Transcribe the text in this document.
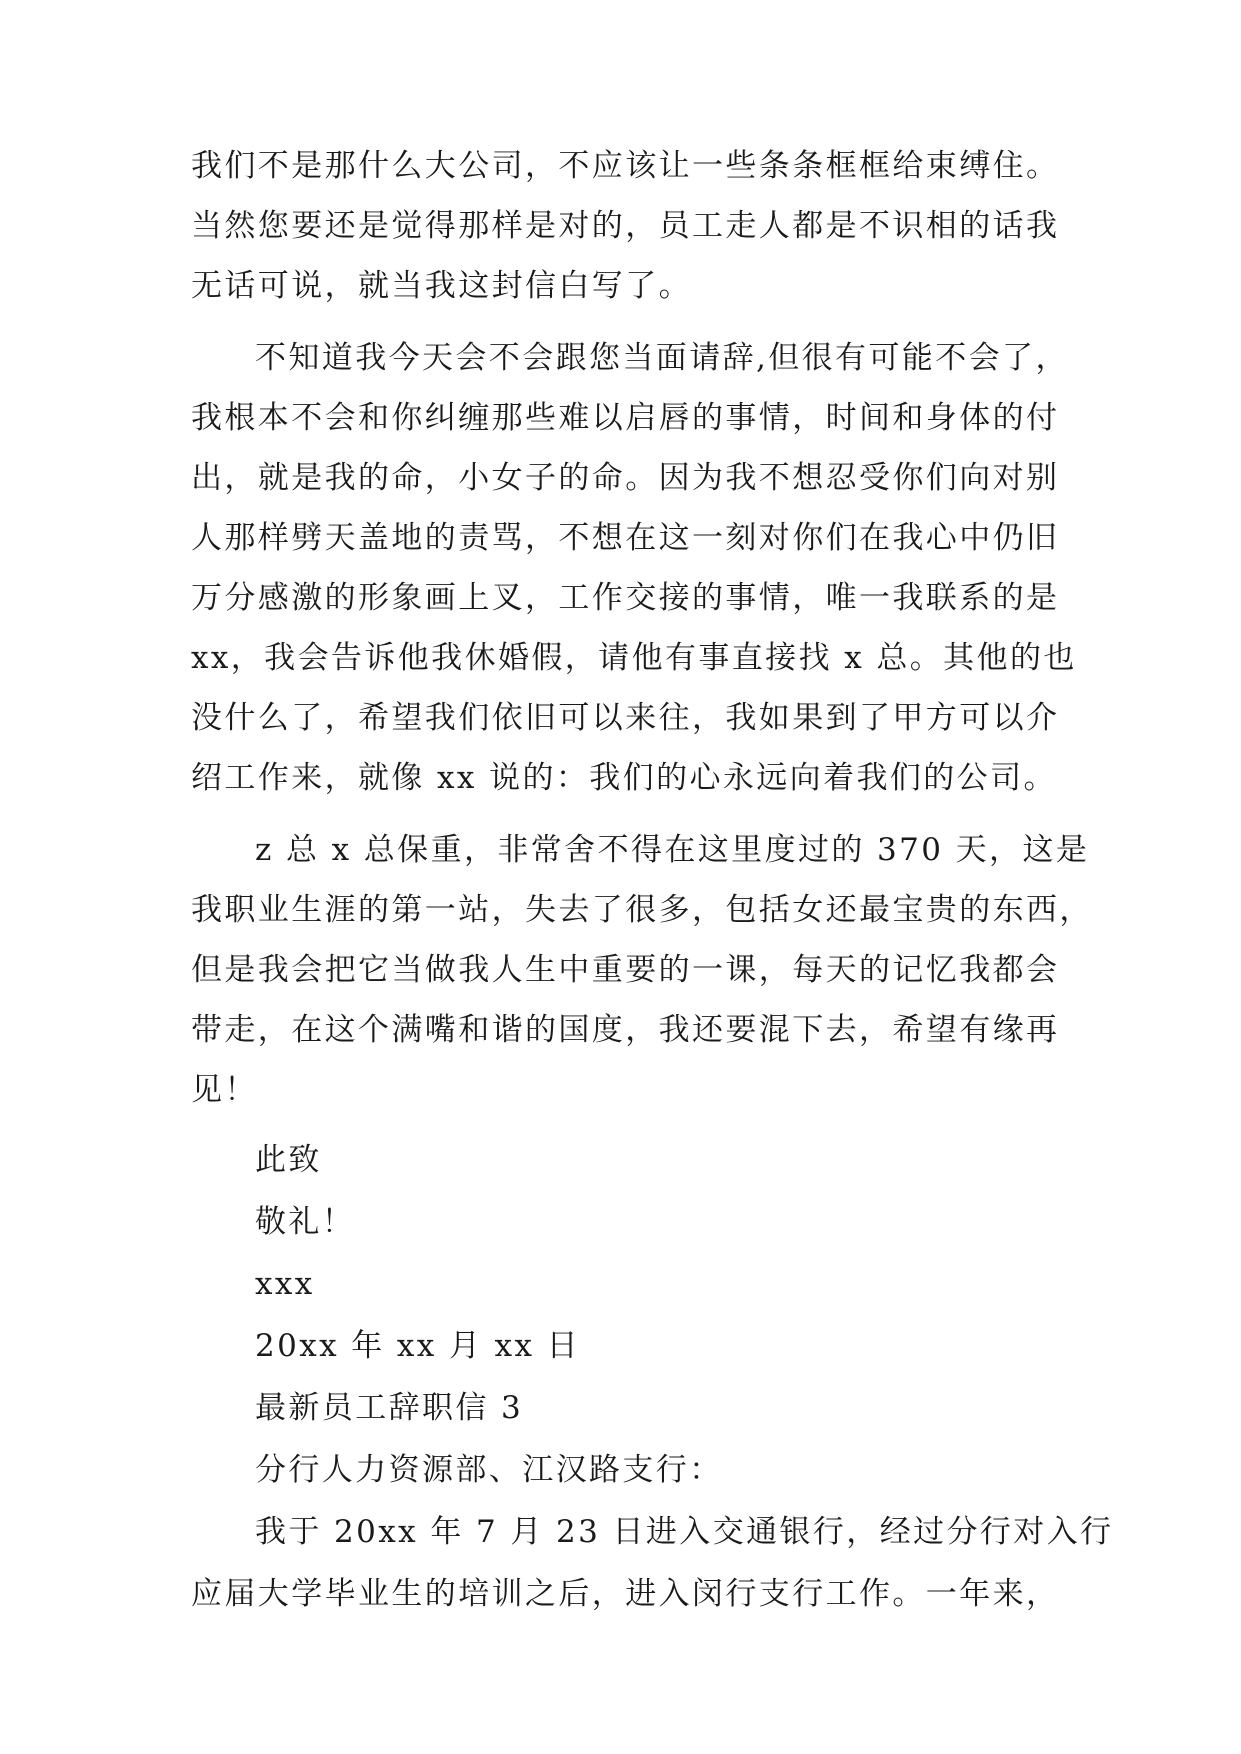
我们不是那什么大公司，不应该让一些条条框框给束缚住。
当然您要还是觉得那样是对的，员工走人都是不识相的话我
无话可说，就当我这封信白写了。
不知道我今天会不会跟您当面请辞,但很有可能不会了，
我根本不会和你纠缠那些难以启唇的事情，时间和身体的付
出，就是我的命，小女子的命。因为我不想忍受你们向对别
人那样劈天盖地的责骂，不想在这一刻对你们在我心中仍旧
万分感激的形象画上叉，工作交接的事情，唯一我联系的是
xx，我会告诉他我休婚假，请他有事直接找 x 总。其他的也
没什么了，希望我们依旧可以来往，我如果到了甲方可以介
绍工作来，就像 xx 说的：我们的心永远向着我们的公司。
z 总 x 总保重，非常舍不得在这里度过的 370 天，这是
我职业生涯的第一站，失去了很多，包括女还最宝贵的东西，
但是我会把它当做我人生中重要的一课，每天的记忆我都会
带走，在这个满嘴和谐的国度，我还要混下去，希望有缘再
见！
此致
敬礼！
xxx
20xx 年 xx 月 xx 日
最新员工辞职信 3
分行人力资源部、江汉路支行：
我于 20xx 年 7 月 23 日进入交通银行，经过分行对入行
应届大学毕业生的培训之后，进入闵行支行工作。一年来，
